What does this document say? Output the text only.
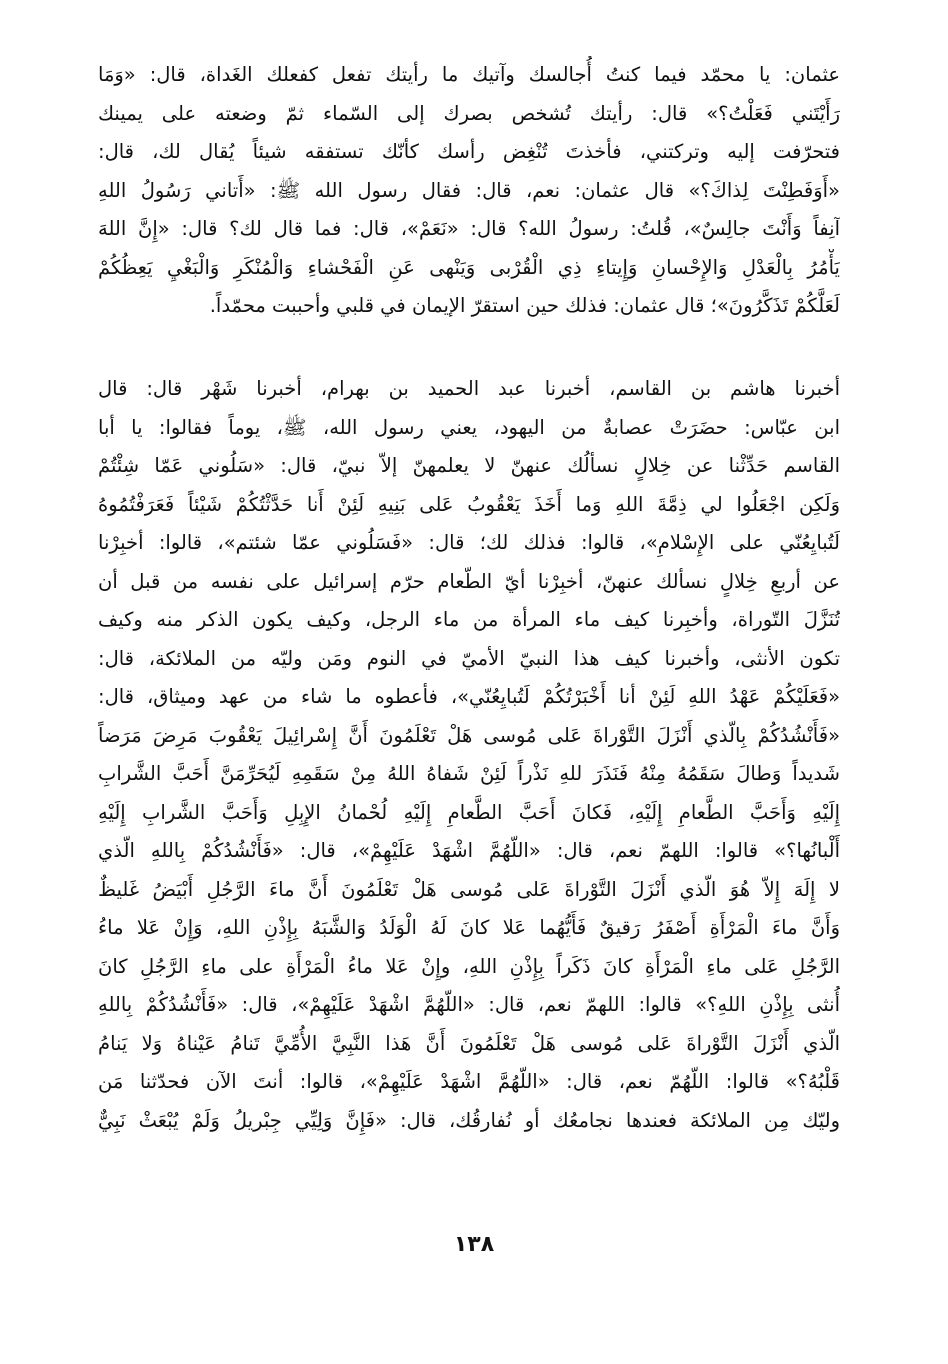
عثمان: يا محمّد فيما كنتُ أُجالسك وآتيك ما رأيتك تفعل كفعلك الغَداة، قال: «وَمَا
رَأَيْتَني فَعَلْتُ؟» قال: رأيتك تُشخص بصرك إلى السّماء ثمّ وضعته على يمينك
فتحرّفت إليه وتركتني، فأخذتَ تُنْغِض رأسك كأنّك تستفقه شيئاً يُقال لك، قال:
«أَوَفَطِنْتَ لِذاكَ؟» قال عثمان: نعم، قال: فقال رسول الله ﷺ: «أَتاني رَسُولُ اللهِ
آنِفاً وَأَنْتَ جالِسٌ»، قُلتُ: رسولُ الله؟ قال: «نَعَمْ»، قال: فما قال لك؟ قال: «إِنَّ اللهَ
يَأْمُرُ بِالْعَدْلِ وَالإِحْسانِ وَإِيتاءِ ذِي الْقُرْبى وَيَنْهى عَنِ الْفَحْشاءِ وَالْمُنْكَرِ وَالْبَغْيِ يَعِظُكُمْ
لَعَلَّكُمْ تَذَكَّرُونَ»؛ قال عثمان: فذلك حين استقرّ الإيمان في قلبي وأحببت محمّداً.
أخبرنا هاشم بن القاسم، أخبرنا عبد الحميد بن بهرام، أخبرنا شَهْر قال: قال
ابن عبّاس: حضَرَتْ عصابةٌ من اليهود، يعني رسول الله، ﷺ، يوماً فقالوا: يا أبا
القاسم حَدِّثْنا عن خِلالٍ نسألُك عنهنّ لا يعلمهنّ إلاّ نبيّ، قال: «سَلُوني عَمّا شِئْتُمْ
وَلَكِن اجْعَلُوا لي ذِمَّةَ اللهِ وَما أَخَذَ يَعْقُوبُ عَلى بَنِيهِ لَئِنْ أَنا حَدَّثْتُكُمْ شَيْئاً فَعَرَفْتُمُوهُ
لَتُبايِعُنّي على الإِسْلامِ»، قالوا: فذلك لك؛ قال: «فَسَلُوني عمّا شئتم»، قالوا: أخبِرْنا
عن أربعِ خِلالٍ نسألك عنهنّ، أخبِرْنا أيّ الطّعام حرّم إسرائيل على نفسه من قبل أن
تُنَزَّلَ التّوراة، وأخبِرنا كيف ماء المرأة من ماء الرجل، وكيف يكون الذكر منه وكيف
تكون الأنثى، وأخبرنا كيف هذا النبيّ الأميّ في النوم ومَن وليّه من الملائكة، قال:
«فَعَلَيْكُمْ عَهْدُ اللهِ لَئِنْ أنا أَخْبَرْتُكُمْ لَتُبايِعُنّي»، فأعطوه ما شاء من عهد وميثاق، قال:
«فَأَنْشُدُكُمْ بِالّذي أَنْزَلَ التَّوْراةَ عَلى مُوسى هَلْ تَعْلَمُونَ أَنَّ إِسْرائِيلَ يَعْقُوبَ مَرِضَ مَرَضاً
شَديداً وَطالَ سَقَمُهُ مِنْهُ فَنَذَرَ للهِ نَذْراً لَئِنْ شَفاهُ اللهُ مِنْ سَقَمِهِ لَيُحَرِّمَنَّ أَحَبَّ الشَّرابِ
إِلَيْهِ وَأَحَبَّ الطَّعامِ إِلَيْهِ، فَكانَ أَحَبَّ الطَّعامِ إِلَيْهِ لُحْمانُ الإِبِلِ وَأَحَبَّ الشَّرابِ إِلَيْهِ
أَلْبانُها؟» قالوا: اللهمّ نعم، قال: «اللّهُمَّ اشْهَدْ عَلَيْهِمْ»، قال: «فَأَنْشُدُكُمْ بِاللهِ الّذي
لا إِلَهَ إِلاّ هُوَ الّذي أَنْزَلَ التَّوْراةَ عَلى مُوسى هَلْ تَعْلَمُونَ أَنَّ ماءَ الرَّجُلِ أَبْيَضُ غَليظٌ
وَأَنَّ ماءَ الْمَرْأَةِ أَصْفَرُ رَقيقٌ فَأَيُّهُما عَلا كانَ لَهُ الْوَلَدُ وَالشَّبَهُ بِإِذْنِ اللهِ، وَإِنْ عَلا ماءُ
الرَّجُلِ عَلى ماءِ الْمَرْأَةِ كانَ ذَكَراً بِإِذْنِ اللهِ، وإِنْ عَلا ماءُ الْمَرْأَةِ على ماءِ الرَّجُلِ كانَ
أُنثى بِإِذْنِ اللهِ؟» قالوا: اللهمّ نعم، قال: «اللّهُمَّ اشْهَدْ عَلَيْهِمْ»، قال: «فَأَنْشُدُكُمْ بِاللهِ
الّذي أَنْزَلَ التَّوْراةَ عَلى مُوسى هَلْ تَعْلَمُونَ أَنَّ هَذا النَّبِيَّ الأُمِّيَّ تَنامُ عَيْناهُ وَلا يَنامُ
قَلْبُهُ؟» قالوا: اللّهُمّ نعم، قال: «اللّهُمَّ اشْهَدْ عَلَيْهِمْ»، قالوا: أنتَ الآن فحدّثنا مَن
وليّك مِن الملائكة فعندها نجامعُك أو نُفارقُك، قال: «فَإِنَّ وَلِيِّي جِبْريلُ وَلَمْ يُبْعَثْ نَبِيٌّ
١٣٨
